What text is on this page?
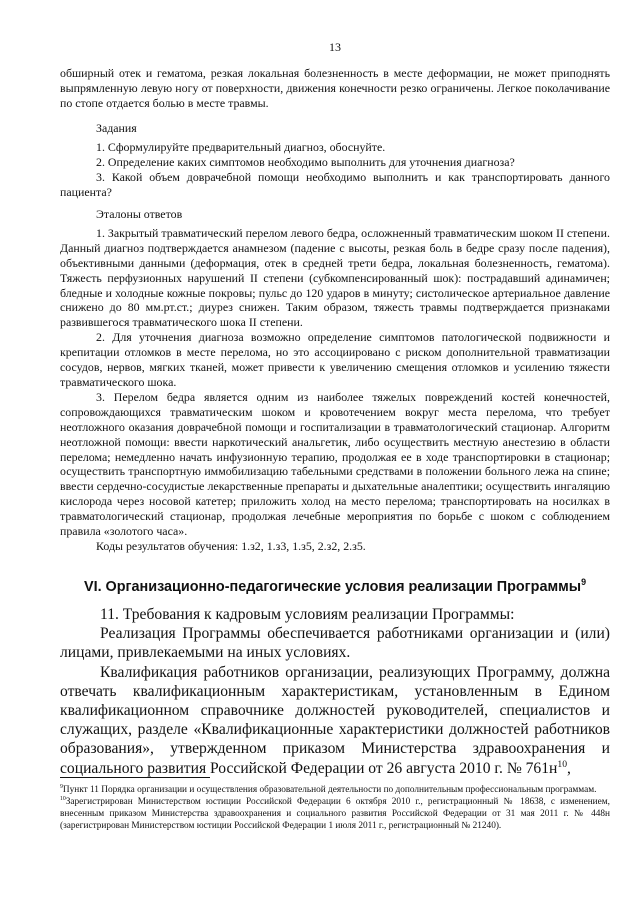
13

обширный отек и гематома, резкая локальная болезненность в месте деформации, не может приподнять выпрямленную левую ногу от поверхности, движения конечности резко ограничены. Легкое поколачивание по стопе отдается болью в месте травмы.

Задания

1. Сформулируйте предварительный диагноз, обоснуйте.

2. Определение каких симптомов необходимо выполнить для уточнения диагноза?

3. Какой объем доврачебной помощи необходимо выполнить и как транспортировать данного пациента?

Эталоны ответов

1. Закрытый травматический перелом левого бедра, осложненный травматическим шоком II степени. Данный диагноз подтверждается анамнезом (падение с высоты, резкая боль в бедре сразу после падения), объективными данными (деформация, отек в средней трети бедра, локальная болезненность, гематома). Тяжесть перфузионных нарушений II степени (субкомпенсированный шок): пострадавший адинамичен; бледные и холодные кожные покровы; пульс до 120 ударов в минуту; систолическое артериальное давление снижено до 80 мм.рт.ст.; диурез снижен. Таким образом, тяжесть травмы подтверждается признаками развившегося травматического шока II степени.

2. Для уточнения диагноза возможно определение симптомов патологической подвижности и крепитации отломков в месте перелома, но это ассоциировано с риском дополнительной травматизации сосудов, нервов, мягких тканей, может привести к увеличению смещения отломков и усилению тяжести травматического шока.

3. Перелом бедра является одним из наиболее тяжелых повреждений костей конечностей, сопровождающихся травматическим шоком и кровотечением вокруг места перелома, что требует неотложного оказания доврачебной помощи и госпитализации в травматологический стационар. Алгоритм неотложной помощи: ввести наркотический анальгетик, либо осуществить местную анестезию в области перелома; немедленно начать инфузионную терапию, продолжая ее в ходе транспортировки в стационар; осуществить транспортную иммобилизацию табельными средствами в положении больного лежа на спине; ввести сердечно-сосудистые лекарственные препараты и дыхательные аналептики; осуществить ингаляцию кислорода через носовой катетер; приложить холод на место перелома; транспортировать на носилках в травматологический стационар, продолжая лечебные мероприятия по борьбе с шоком с соблюдением правила «золотого часа».

Коды результатов обучения: 1.з2, 1.з3, 1.з5, 2.з2, 2.з5.

VI. Организационно-педагогические условия реализации Программы$^9$

11. Требования к кадровым условиям реализации Программы:

Реализация Программы обеспечивается работниками организации и (или) лицами, привлекаемыми на иных условиях.

Квалификация работников организации, реализующих Программу, должна отвечать квалификационным характеристикам, установленным в Едином квалификационном справочнике должностей руководителей, специалистов и служащих, разделе «Квалификационные характеристики должностей работников образования», утвержденном приказом Министерства здравоохранения и социального развития Российской Федерации от 26 августа 2010 г. № $761н^{10}$,

$^9$Пункт 11 Порядка организации и осуществления образовательной деятельности по дополнительным профессиональным программам.

$^{10}$Зарегистрирован Министерством юстиции Российской Федерации 6 октября 2010 г., регистрационный № 18638, с изменением, внесенным приказом Министерства здравоохранения и социального развития Российской Федерации от 31 мая 2011 г. № 448н (зарегистрирован Министерством юстиции Российской Федерации 1 июля 2011 г., регистрационный № 21240).
